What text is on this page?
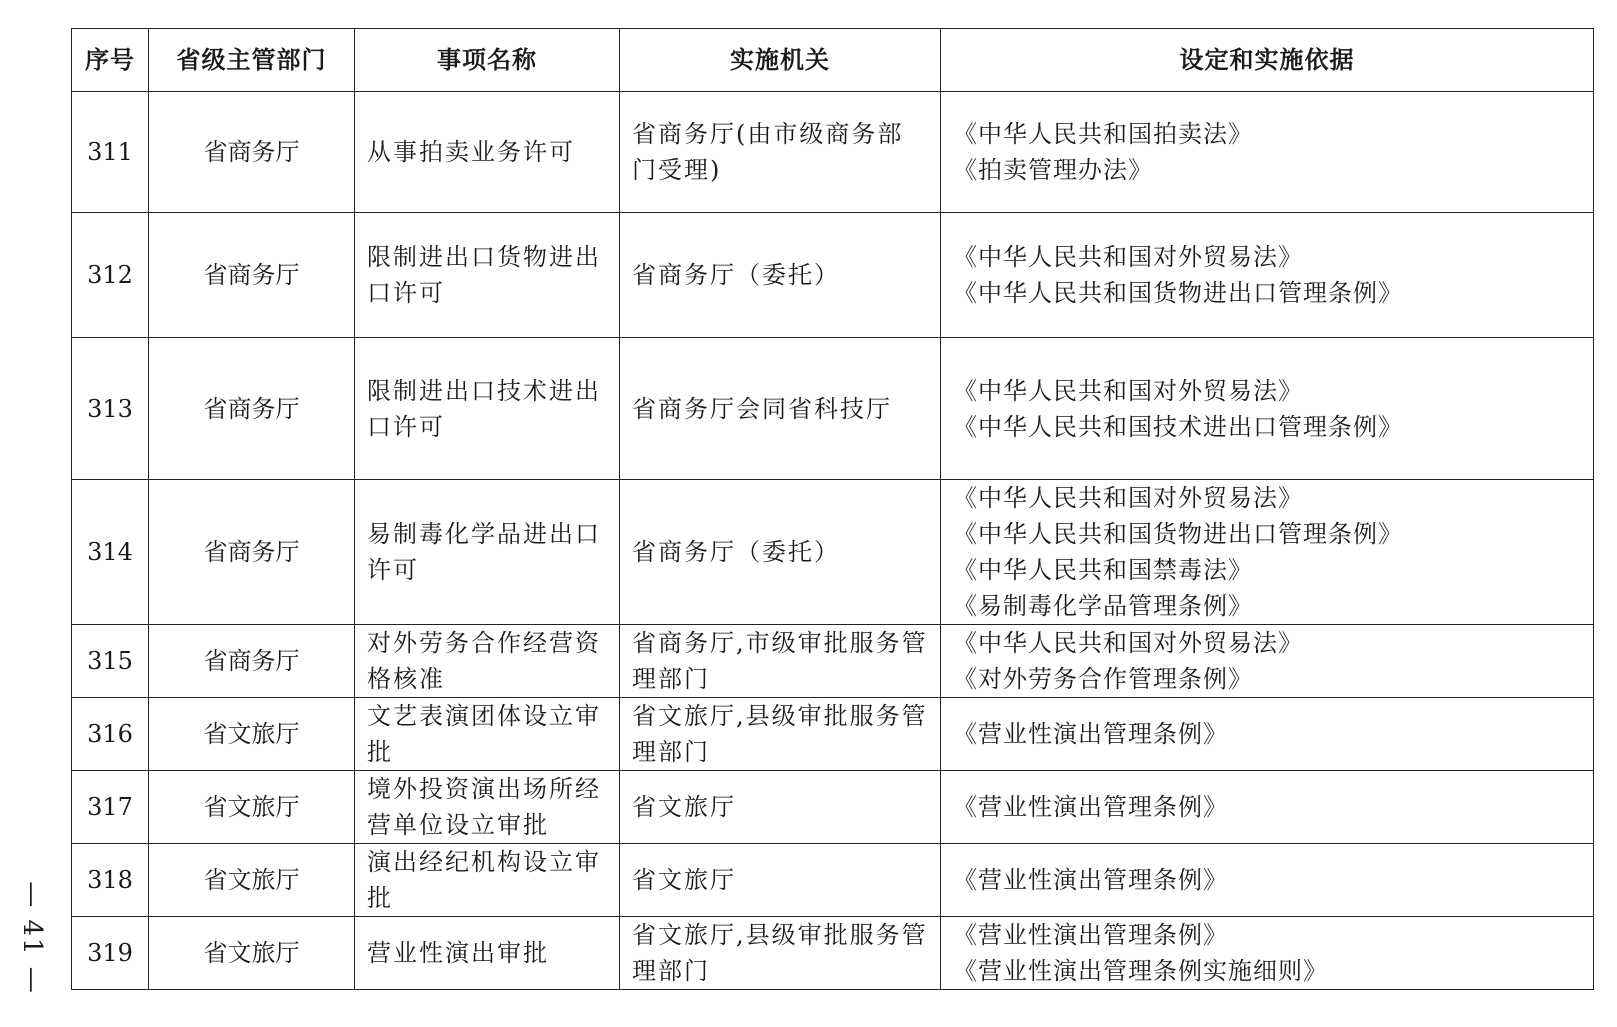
— 41 —
序号	省级主管部门	事项名称	实施机关	设定和实施依据
311	省商务厅	从事拍卖业务许可	省商务厅(由市级商务部门受理)	《中华人民共和国拍卖法》
《拍卖管理办法》

312	省商务厅	限制进出口货物进出口许可	省商务厅（委托）	《中华人民共和国对外贸易法》
《中华人民共和国货物进出口管理条例》

313	省商务厅	限制进出口技术进出口许可	省商务厅会同省科技厅	《中华人民共和国对外贸易法》
《中华人民共和国技术进出口管理条例》

314	省商务厅	易制毒化学品进出口许可	省商务厅（委托）	《中华人民共和国对外贸易法》
《中华人民共和国货物进出口管理条例》
《中华人民共和国禁毒法》
《易制毒化学品管理条例》

315	省商务厅	对外劳务合作经营资格核准	省商务厅,市级审批服务管理部门	《中华人民共和国对外贸易法》
《对外劳务合作管理条例》

316	省文旅厅	文艺表演团体设立审批	省文旅厅,县级审批服务管理部门	《营业性演出管理条例》

317	省文旅厅	境外投资演出场所经营单位设立审批	省文旅厅	《营业性演出管理条例》

318	省文旅厅	演出经纪机构设立审批	省文旅厅	《营业性演出管理条例》

319	省文旅厅	营业性演出审批	省文旅厅,县级审批服务管理部门	《营业性演出管理条例》
《营业性演出管理条例实施细则》
